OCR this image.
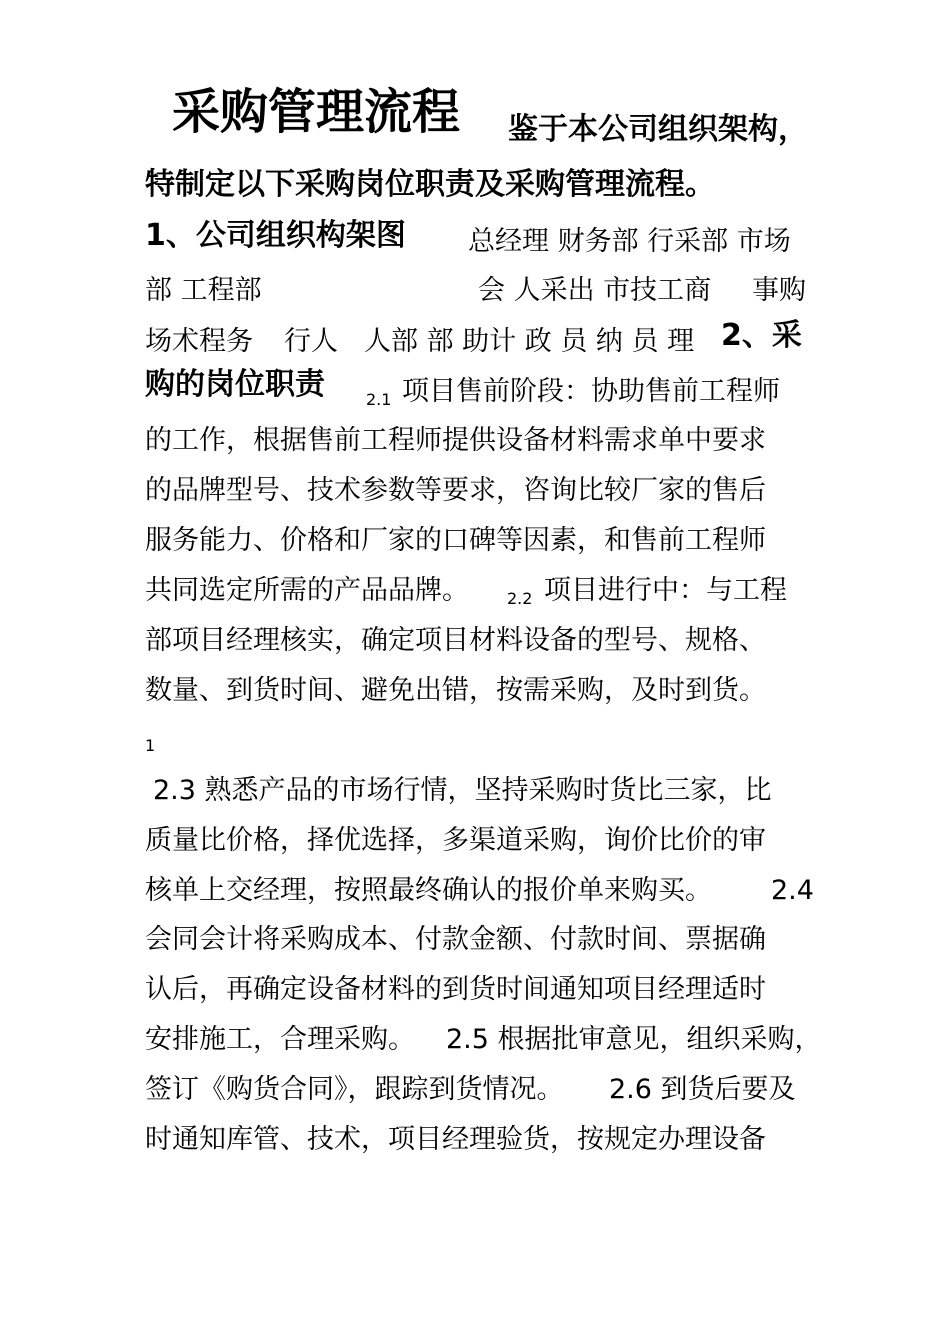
采购管理流程 鉴于本公司组织架构，
特制定以下采购岗位职责及采购管理流程。
1、公司组织构架图 总经理 财务部 行采部 市场
部 工程部	会 人采出 市技工商 事购
场术程务 行人 人部 部 助计 政 员 纳 员 理 2、采
购的岗位职责	2.1 项目售前阶段：协助售前工程师
的工作，根据售前工程师提供设备材料需求单中要求
的品牌型号、技术参数等要求，咨询比较厂家的售后
服务能力、价格和厂家的口碑等因素，和售前工程师
共同选定所需的产品品牌。 2.2 项目进行中：与工程
部项目经理核实，确定项目材料设备的型号、规格、
数量、到货时间、避免出错，按需采购，及时到货。
1
2.3 熟悉产品的市场行情，坚持采购时货比三家，比
质量比价格，择优选择，多渠道采购，询价比价的审
核单上交经理，按照最终确认的报价单来购买。 2.4
会同会计将采购成本、付款金额、付款时间、票据确
认后，再确定设备材料的到货时间通知项目经理适时
安排施工，合理采购。 2.5 根据批审意见，组织采购，
签订《购货合同》，跟踪到货情况。 2.6 到货后要及
时通知库管、技术，项目经理验货，按规定办理设备
